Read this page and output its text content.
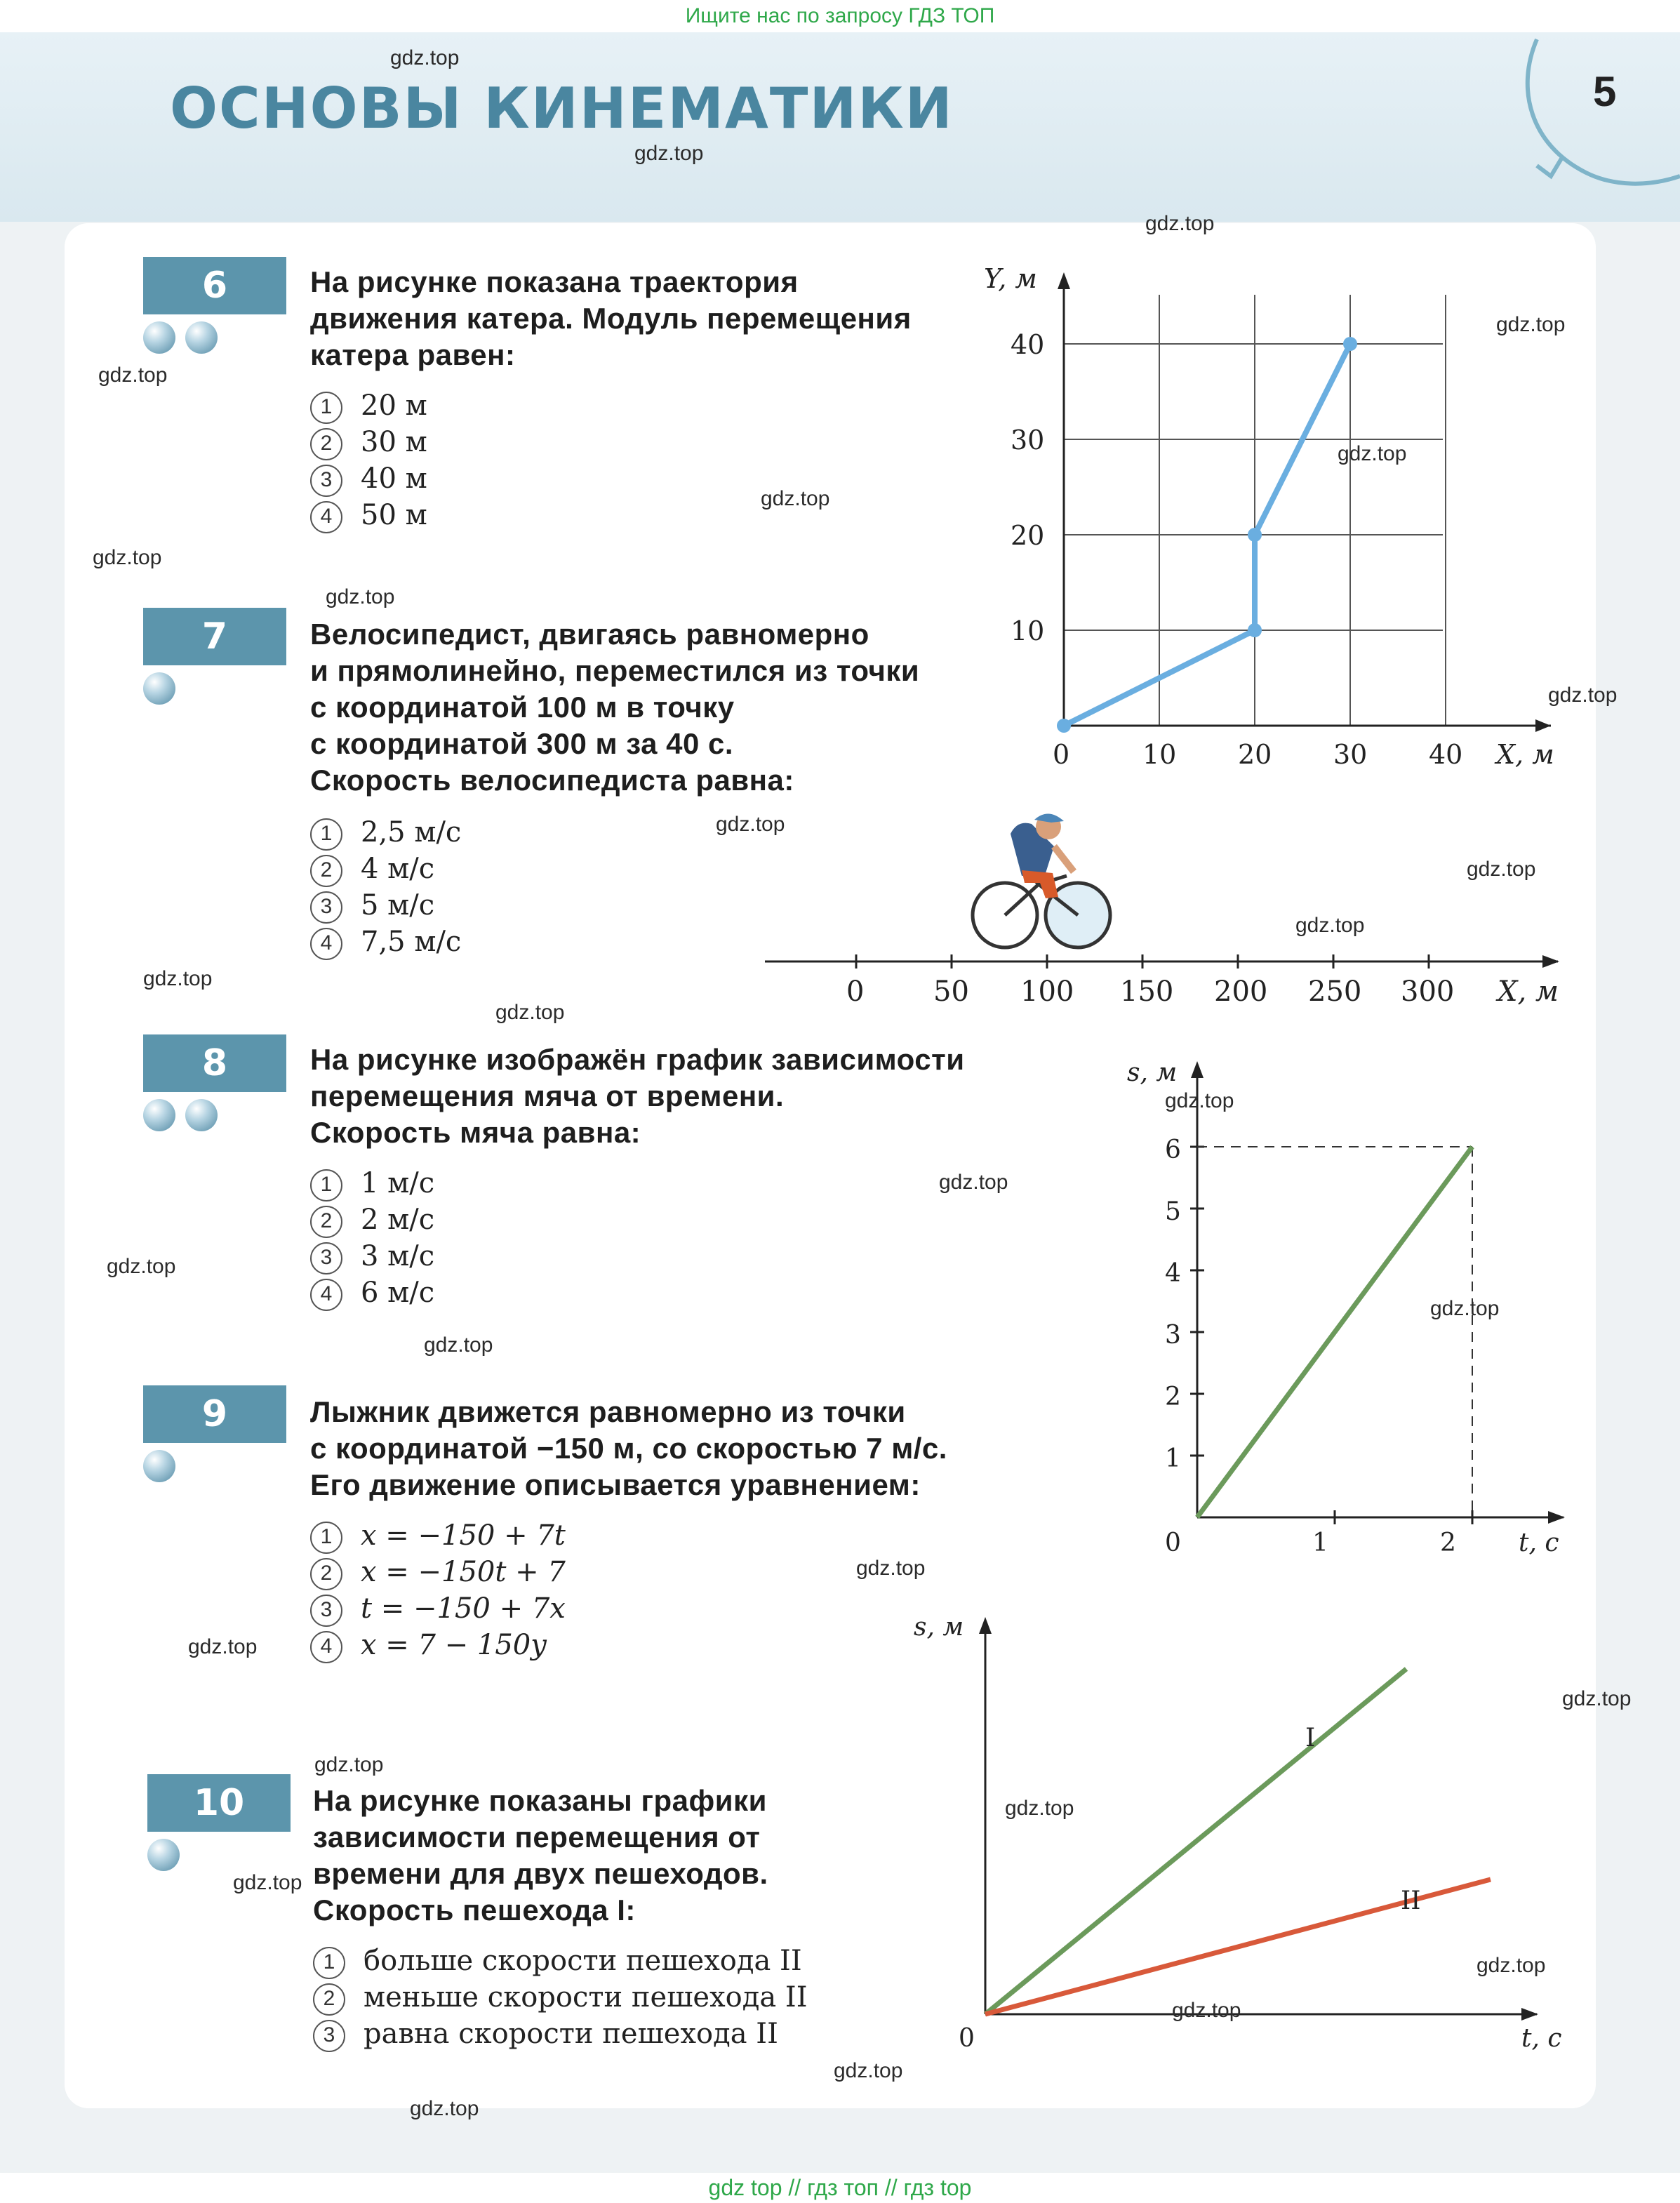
Ищите нас по запросу ГДЗ ТОП
ОСНОВЫ КИНЕМАТИКИ	5
6	На рисунке показана траектория
движения катера. Модуль перемещения
катера равен:
1 20 м
2 30 м
3 40 м
4 50 м
7	Велосипедист, двигаясь равномерно
и прямолинейно, переместился из точки
с координатой 100 м в точку
с координатой 300 м за 40 с.
Скорость велосипедиста равна:
1 2,5 м/с
2 4 м/с
3 5 м/с
4 7,5 м/с
8	На рисунке изображён график зависимости
перемещения мяча от времени.
Скорость мяча равна:
1 1 м/с
2 2 м/с
3 3 м/с
4 6 м/с
9	Лыжник движется равномерно из точки
с координатой −150 м, со скоростью 7 м/с.
Его движение описывается уравнением:
1 x = −150 + 7t
2 x = −150t + 7
3 t = −150 + 7x
4 x = 7 − 150y
10	На рисунке показаны графики
зависимости перемещения от
времени для двух пешеходов.
Скорость пешехода I:
1 больше скорости пешехода II
2 меньше скорости пешехода II
3 равна скорости пешехода II
Y, м
40
30
20
10
0	10 20 30 40 X, м
0 50 100 150 200 250 300 X, м
s, м
6
5
4
3
2
1
0	1	2 t, с
s, м
0	t, с
I
II
gdz.top
gdz.top
gdz.top
gdz.top
gdz.top
gdz.top
gdz.top
gdz.top
gdz.top
gdz.top
gdz.top
gdz.top
gdz.top
gdz.top
gdz.top
gdz.top
gdz.top
gdz.top
gdz.top
gdz.top
gdz.top
gdz.top
gdz.top
gdz.top
gdz.top
gdz.top
gdz.top
gdz.top
gdz.top
gdz.top
gdz top // гдз топ // гдз top
